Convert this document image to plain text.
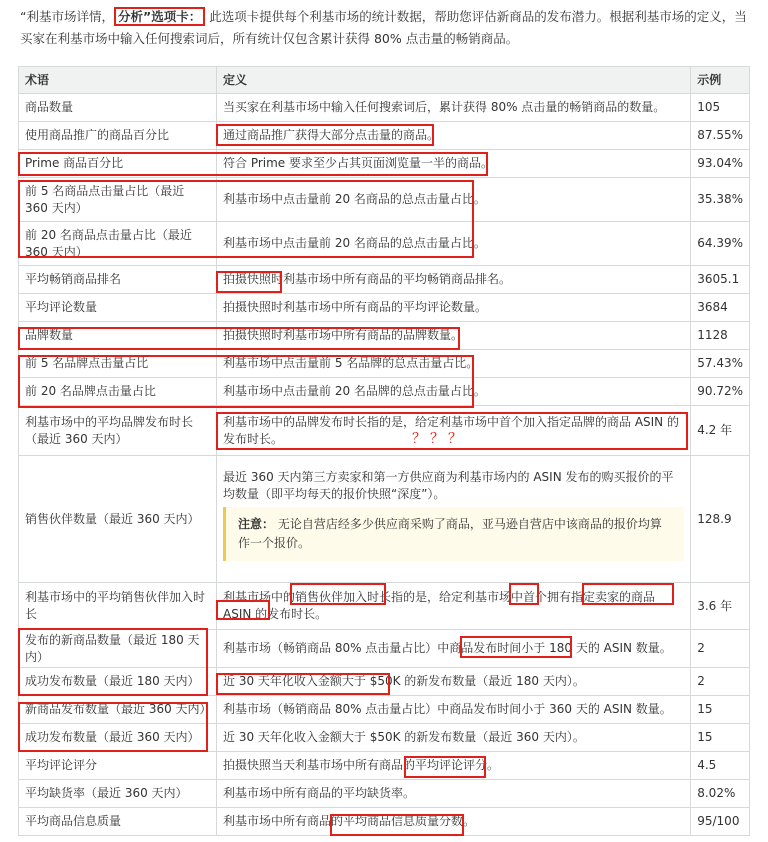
“利基市场详情， 分析”选项卡： 此选项卡提供每个利基市场的统计数据，帮助您评估新商品的发布潜力。根据利基市场的定义，当买家在利基市场中输入任何搜索词后，所有统计仅包含累计获得 80% 点击量的畅销商品。
术语	定义	示例
商品数量	当买家在利基市场中输入任何搜索词后，累计获得 80% 点击量的畅销商品的数量。	105
使用商品推广的商品百分比	通过商品推广获得大部分点击量的商品。	87.55%
Prime 商品百分比	符合 Prime 要求至少占其页面浏览量一半的商品。	93.04%
前 5 名商品点击量占比（最近 360 天内）	利基市场中点击量前 20 名商品的总点击量占比。	35.38%
前 20 名商品点击量占比（最近 360 天内）	利基市场中点击量前 20 名商品的总点击量占比。	64.39%
平均畅销商品排名	拍摄快照时利基市场中所有商品的平均畅销商品排名。	3605.1
平均评论数量	拍摄快照时利基市场中所有商品的平均评论数量。	3684
品牌数量	拍摄快照时利基市场中所有商品的品牌数量。	1128
前 5 名品牌点击量占比	利基市场中点击量前 5 名品牌的总点击量占比。	57.43%
前 20 名品牌点击量占比	利基市场中点击量前 20 名品牌的总点击量占比。	90.72%
利基市场中的平均品牌发布时长（最近 360 天内）	利基市场中的品牌发布时长指的是，给定利基市场中首个加入指定品牌的商品 ASIN 的发布时长。	4.2 年
销售伙伴数量（最近 360 天内）	最近 360 天内第三方卖家和第一方供应商为利基市场内的 ASIN 发布的购买报价的平均数量（即平均每天的报价快照“深度”）。
注意： 无论自营店经多少供应商采购了商品，亚马逊自营店中该商品的报价均算作一个报价。	128.9
利基市场中的平均销售伙伴加入时长	利基市场中的销售伙伴加入时长指的是，给定利基市场中首个拥有指定卖家的商品 ASIN 的发布时长。	3.6 年
发布的新商品数量（最近 180 天内）	利基市场（畅销商品 80% 点击量占比）中商品发布时间小于 180 天的 ASIN 数量。	2
成功发布数量（最近 180 天内）	近 30 天年化收入金额大于 $50K 的新发布数量（最近 180 天内）。	2
新商品发布数量（最近 360 天内）	利基市场（畅销商品 80% 点击量占比）中商品发布时间小于 360 天的 ASIN 数量。	15
成功发布数量（最近 360 天内）	近 30 天年化收入金额大于 $50K 的新发布数量（最近 360 天内）。	15
平均评论评分	拍摄快照当天利基市场中所有商品的平均评论评分。	4.5
平均缺货率（最近 360 天内）	利基市场中所有商品的平均缺货率。	8.02%
平均商品信息质量	利基市场中所有商品的平均商品信息质量分数。	95/100
？？？
